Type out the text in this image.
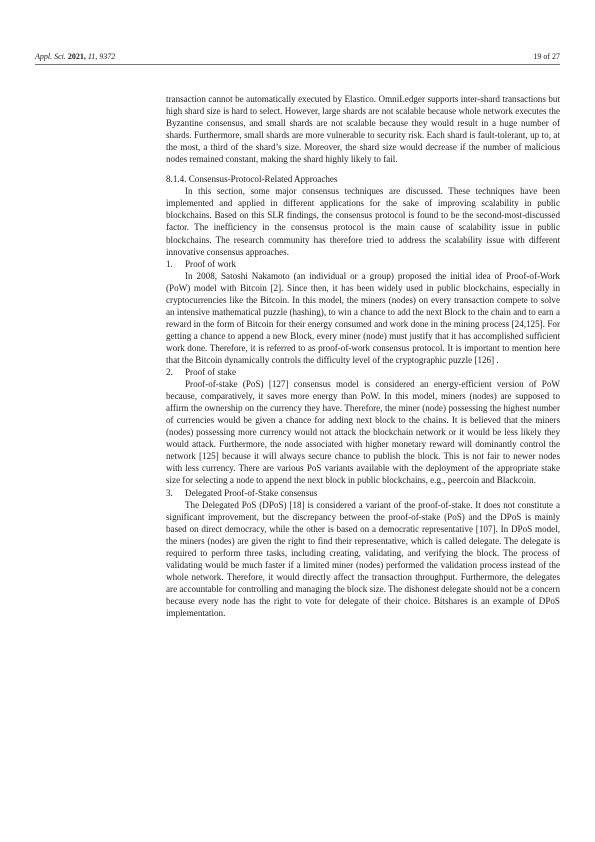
Appl. Sci. 2021, 11, 9372	19 of 27

transaction cannot be automatically executed by Elastico. OmniLedger supports inter-shard transactions but high shard size is hard to select. However, large shards are not scalable because whole network executes the Byzantine consensus, and small shards are not scalable because they would result in a huge number of shards. Furthermore, small shards are more vulnerable to security risk. Each shard is fault-tolerant, up to, at the most, a third of the shard’s size. Moreover, the shard size would decrease if the number of malicious nodes remained constant, making the shard highly likely to fail.

8.1.4. Consensus-Protocol-Related Approaches

In this section, some major consensus techniques are discussed. These techniques have been implemented and applied in different applications for the sake of improving scalability in public blockchains. Based on this SLR findings, the consensus protocol is found to be the second-most-discussed factor. The inefficiency in the consensus protocol is the main cause of scalability issue in public blockchains. The research community has therefore tried to address the scalability issue with different innovative consensus approaches.

1.	Proof of work

In 2008, Satoshi Nakamoto (an individual or a group) proposed the initial idea of Proof-of-Work (PoW) model with Bitcoin [2]. Since then, it has been widely used in public blockchains, especially in cryptocurrencies like the Bitcoin. In this model, the miners (nodes) on every transaction compete to solve an intensive mathematical puzzle (hashing), to win a chance to add the next Block to the chain and to earn a reward in the form of Bitcoin for their energy consumed and work done in the mining process [24,125]. For getting a chance to append a new Block, every miner (node) must justify that it has accomplished sufficient work done. Therefore, it is referred to as proof-of-work consensus protocol. It is important to mention here that the Bitcoin dynamically controls the difficulty level of the cryptographic puzzle [126] .

2.	Proof of stake

Proof-of-stake (PoS) [127] consensus model is considered an energy-efficient version of PoW because, comparatively, it saves more energy than PoW. In this model, miners (nodes) are supposed to affirm the ownership on the currency they have. Therefore, the miner (node) possessing the highest number of currencies would be given a chance for adding next block to the chains. It is believed that the miners (nodes) possessing more currency would not attack the blockchain network or it would be less likely they would attack. Furthermore, the node associated with higher monetary reward will dominantly control the network [125] because it will always secure chance to publish the block. This is not fair to newer nodes with less currency. There are various PoS variants available with the deployment of the appropriate stake size for selecting a node to append the next block in public blockchains, e.g., peercoin and Blackcoin.

3.	Delegated Proof-of-Stake consensus

The Delegated PoS (DPoS) [18] is considered a variant of the proof-of-stake. It does not constitute a significant improvement, but the discrepancy between the proof-of-stake (PoS) and the DPoS is mainly based on direct democracy, while the other is based on a democratic representative [107]. In DPoS model, the miners (nodes) are given the right to find their representative, which is called delegate. The delegate is required to perform three tasks, including creating, validating, and verifying the block. The process of validating would be much faster if a limited miner (nodes) performed the validation process instead of the whole network. Therefore, it would directly affect the transaction throughput. Furthermore, the delegates are accountable for controlling and managing the block size. The dishonest delegate should not be a concern because every node has the right to vote for delegate of their choice. Bitshares is an example of DPoS implementation.
